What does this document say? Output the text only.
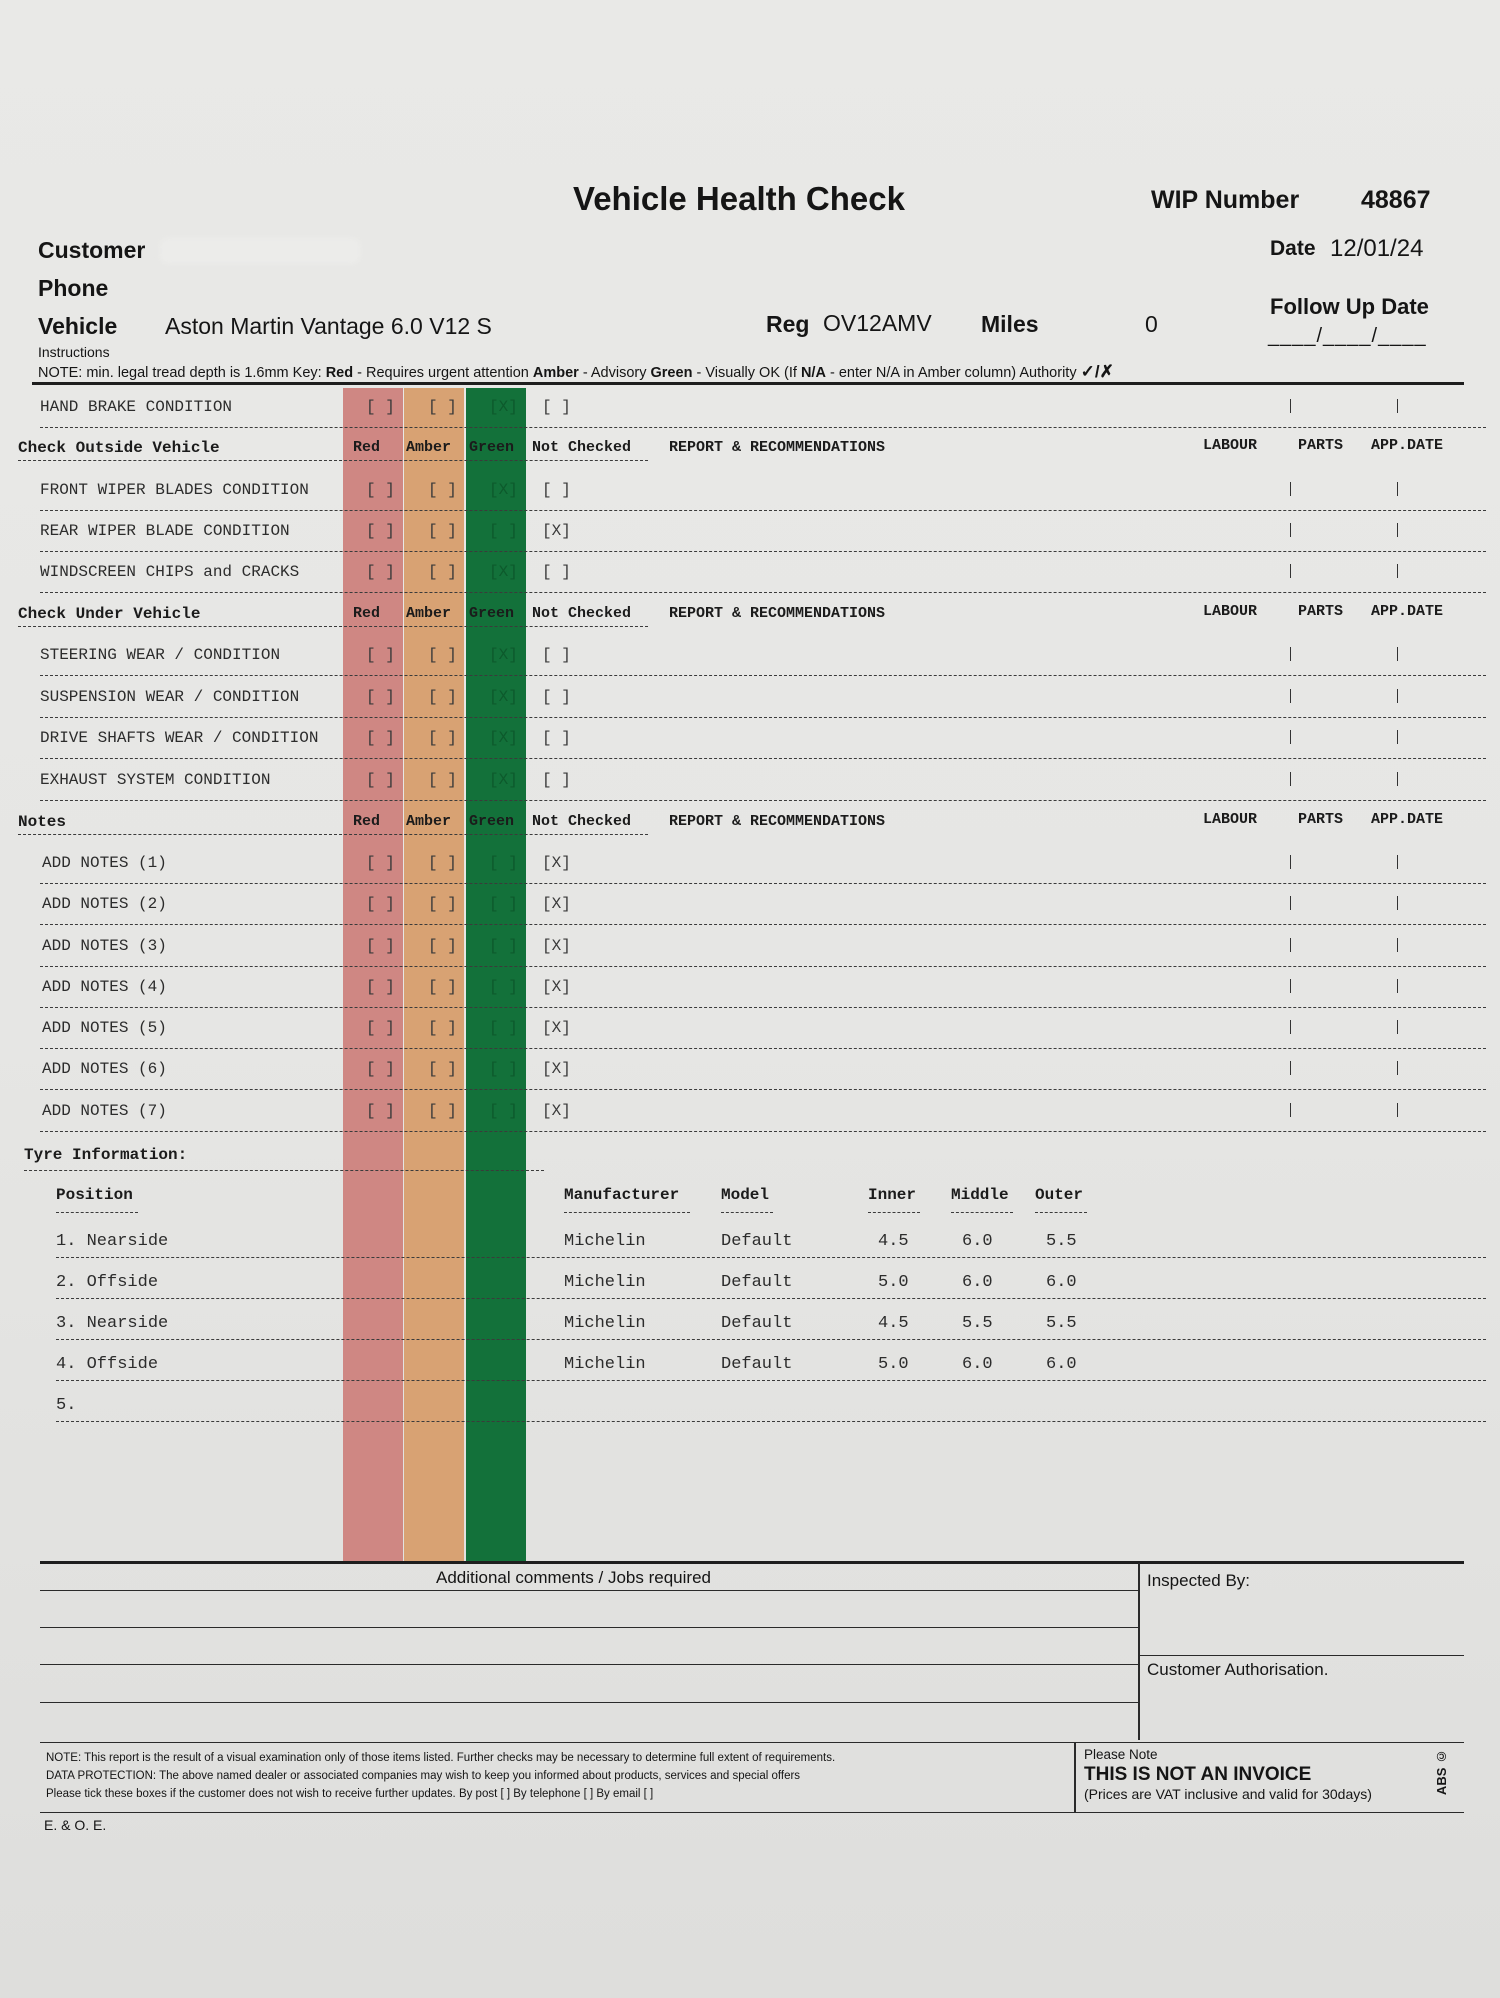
Vehicle Health Check	WIP Number 48867
Customer	Date 12/01/24
Phone
Vehicle Aston Martin Vantage 6.0 V12 S	Reg OV12AMV Miles	0
Follow Up Date
____/____/____
Instructions
NOTE: min. legal tread depth is 1.6mm Key: Red - Requires urgent attention Amber - Advisory Green - Visually OK (If N/A - enter N/A in Amber column) Authority ✓/✗
HAND BRAKE CONDITION	[ ] [ ] [X] [ ]
FRONT WIPER BLADES CONDITION	[ ] [ ] [X] [ ]
REAR WIPER BLADE CONDITION	[ ] [ ] [ ] [X]
WINDSCREEN CHIPS and CRACKS	[ ] [ ] [X] [ ]
STEERING WEAR / CONDITION	[ ] [ ] [X] [ ]
SUSPENSION WEAR / CONDITION	[ ] [ ] [X] [ ]
DRIVE SHAFTS WEAR / CONDITION	[ ] [ ] [X] [ ]
EXHAUST SYSTEM CONDITION	[ ] [ ] [X] [ ]
ADD NOTES (1)	[ ] [ ] [ ] [X]
ADD NOTES (2)	[ ] [ ] [ ] [X]
ADD NOTES (3)	[ ] [ ] [ ] [X]
ADD NOTES (4)	[ ] [ ] [ ] [X]
ADD NOTES (5)	[ ] [ ] [ ] [X]
ADD NOTES (6)	[ ] [ ] [ ] [X]
ADD NOTES (7)	[ ] [ ] [ ] [X]
Check Outside Vehicle	Red Amber Green Not Checked	REPORT & RECOMMENDATIONS	LABOUR	PARTS APP.DATE
Check Under Vehicle	Red Amber Green Not Checked	REPORT & RECOMMENDATIONS	LABOUR	PARTS APP.DATE
Notes	Red Amber Green Not Checked	REPORT & RECOMMENDATIONS	LABOUR	PARTS APP.DATE
Tyre Information:
Position	Manufacturer	Model	Inner Middle Outer
1. Nearside	Michelin	Default	4.5	6.0	5.5
2. Offside	Michelin	Default	5.0	6.0	6.0
3. Nearside	Michelin	Default	4.5	5.5	5.5
4. Offside	Michelin	Default	5.0	6.0	6.0
5.
Additional comments / Jobs required	Inspected By:
Customer Authorisation.
NOTE: This report is the result of a visual examination only of those items listed. Further checks may be necessary to determine full extent of requirements.
DATA PROTECTION: The above named dealer or associated companies may wish to keep you informed about products, services and special offers
Please tick these boxes if the customer does not wish to receive further updates. By post [ ] By telephone [ ] By email [ ]
Please Note
THIS IS NOT AN INVOICE
(Prices are VAT inclusive and valid for 30days)	ABS ©
E. & O. E.
